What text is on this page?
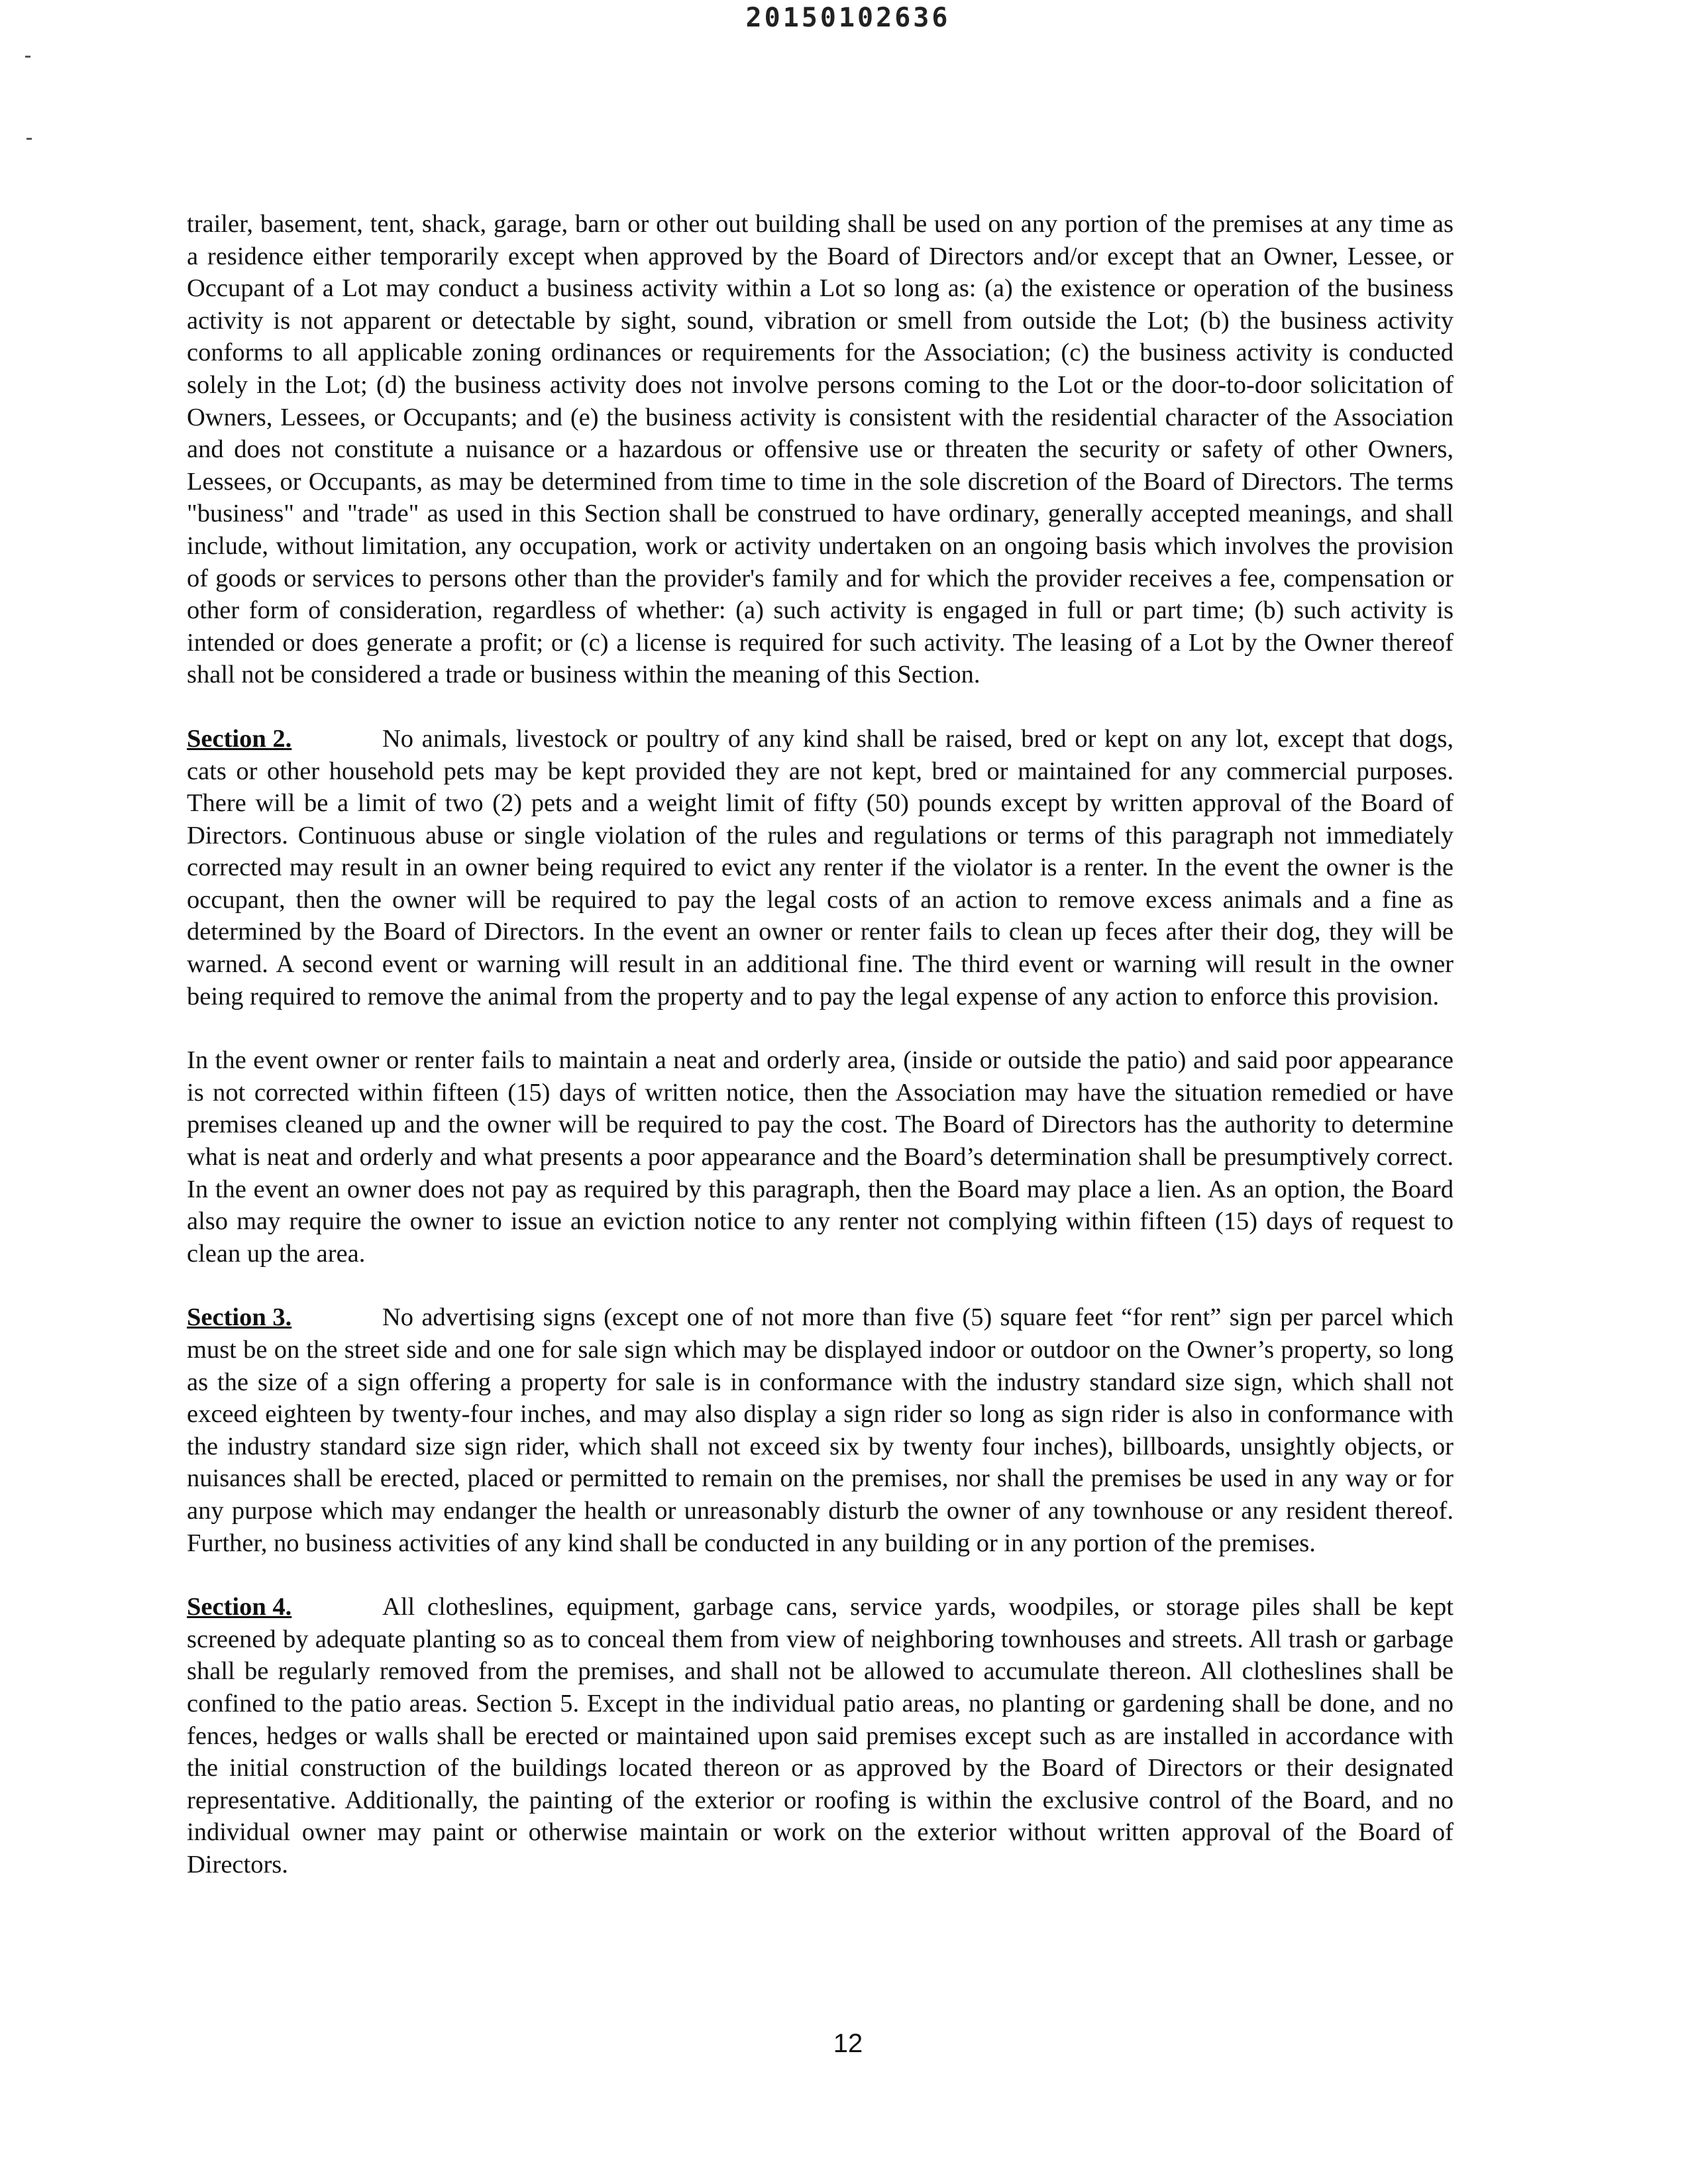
20150102636

trailer, basement, tent, shack, garage, barn or other out building shall be used on any portion of the premises at any time as a residence either temporarily except when approved by the Board of Directors and/or except that an Owner, Lessee, or Occupant of a Lot may conduct a business activity within a Lot so long as: (a) the existence or operation of the business activity is not apparent or detectable by sight, sound, vibration or smell from outside the Lot; (b) the business activity conforms to all applicable zoning ordinances or requirements for the Association; (c) the business activity is conducted solely in the Lot; (d) the business activity does not involve persons coming to the Lot or the door-to-door solicitation of Owners, Lessees, or Occupants; and (e) the business activity is consistent with the residential character of the Association and does not constitute a nuisance or a hazardous or offensive use or threaten the security or safety of other Owners, Lessees, or Occupants, as may be determined from time to time in the sole discretion of the Board of Directors. The terms "business" and "trade" as used in this Section shall be construed to have ordinary, generally accepted meanings, and shall include, without limitation, any occupation, work or activity undertaken on an ongoing basis which involves the provision of goods or services to persons other than the provider's family and for which the provider receives a fee, compensation or other form of consideration, regardless of whether: (a) such activity is engaged in full or part time; (b) such activity is intended or does generate a profit; or (c) a license is required for such activity. The leasing of a Lot by the Owner thereof shall not be considered a trade or business within the meaning of this Section.

Section 2.	No animals, livestock or poultry of any kind shall be raised, bred or kept on any lot, except that dogs, cats or other household pets may be kept provided they are not kept, bred or maintained for any commercial purposes. There will be a limit of two (2) pets and a weight limit of fifty (50) pounds except by written approval of the Board of Directors. Continuous abuse or single violation of the rules and regulations or terms of this paragraph not immediately corrected may result in an owner being required to evict any renter if the violator is a renter. In the event the owner is the occupant, then the owner will be required to pay the legal costs of an action to remove excess animals and a fine as determined by the Board of Directors. In the event an owner or renter fails to clean up feces after their dog, they will be warned. A second event or warning will result in an additional fine. The third event or warning will result in the owner being required to remove the animal from the property and to pay the legal expense of any action to enforce this provision.

In the event owner or renter fails to maintain a neat and orderly area, (inside or outside the patio) and said poor appearance is not corrected within fifteen (15) days of written notice, then the Association may have the situation remedied or have premises cleaned up and the owner will be required to pay the cost. The Board of Directors has the authority to determine what is neat and orderly and what presents a poor appearance and the Board’s determination shall be presumptively correct. In the event an owner does not pay as required by this paragraph, then the Board may place a lien. As an option, the Board also may require the owner to issue an eviction notice to any renter not complying within fifteen (15) days of request to clean up the area.

Section 3.	No advertising signs (except one of not more than five (5) square feet “for rent” sign per parcel which must be on the street side and one for sale sign which may be displayed indoor or outdoor on the Owner’s property, so long as the size of a sign offering a property for sale is in conformance with the industry standard size sign, which shall not exceed eighteen by twenty-four inches, and may also display a sign rider so long as sign rider is also in conformance with the industry standard size sign rider, which shall not exceed six by twenty four inches), billboards, unsightly objects, or nuisances shall be erected, placed or permitted to remain on the premises, nor shall the premises be used in any way or for any purpose which may endanger the health or unreasonably disturb the owner of any townhouse or any resident thereof. Further, no business activities of any kind shall be conducted in any building or in any portion of the premises.

Section 4.	All clotheslines, equipment, garbage cans, service yards, woodpiles, or storage piles shall be kept screened by adequate planting so as to conceal them from view of neighboring townhouses and streets. All trash or garbage shall be regularly removed from the premises, and shall not be allowed to accumulate thereon. All clotheslines shall be confined to the patio areas. Section 5. Except in the individual patio areas, no planting or gardening shall be done, and no fences, hedges or walls shall be erected or maintained upon said premises except such as are installed in accordance with the initial construction of the buildings located thereon or as approved by the Board of Directors or their designated representative. Additionally, the painting of the exterior or roofing is within the exclusive control of the Board, and no individual owner may paint or otherwise maintain or work on the exterior without written approval of the Board of Directors.

12
